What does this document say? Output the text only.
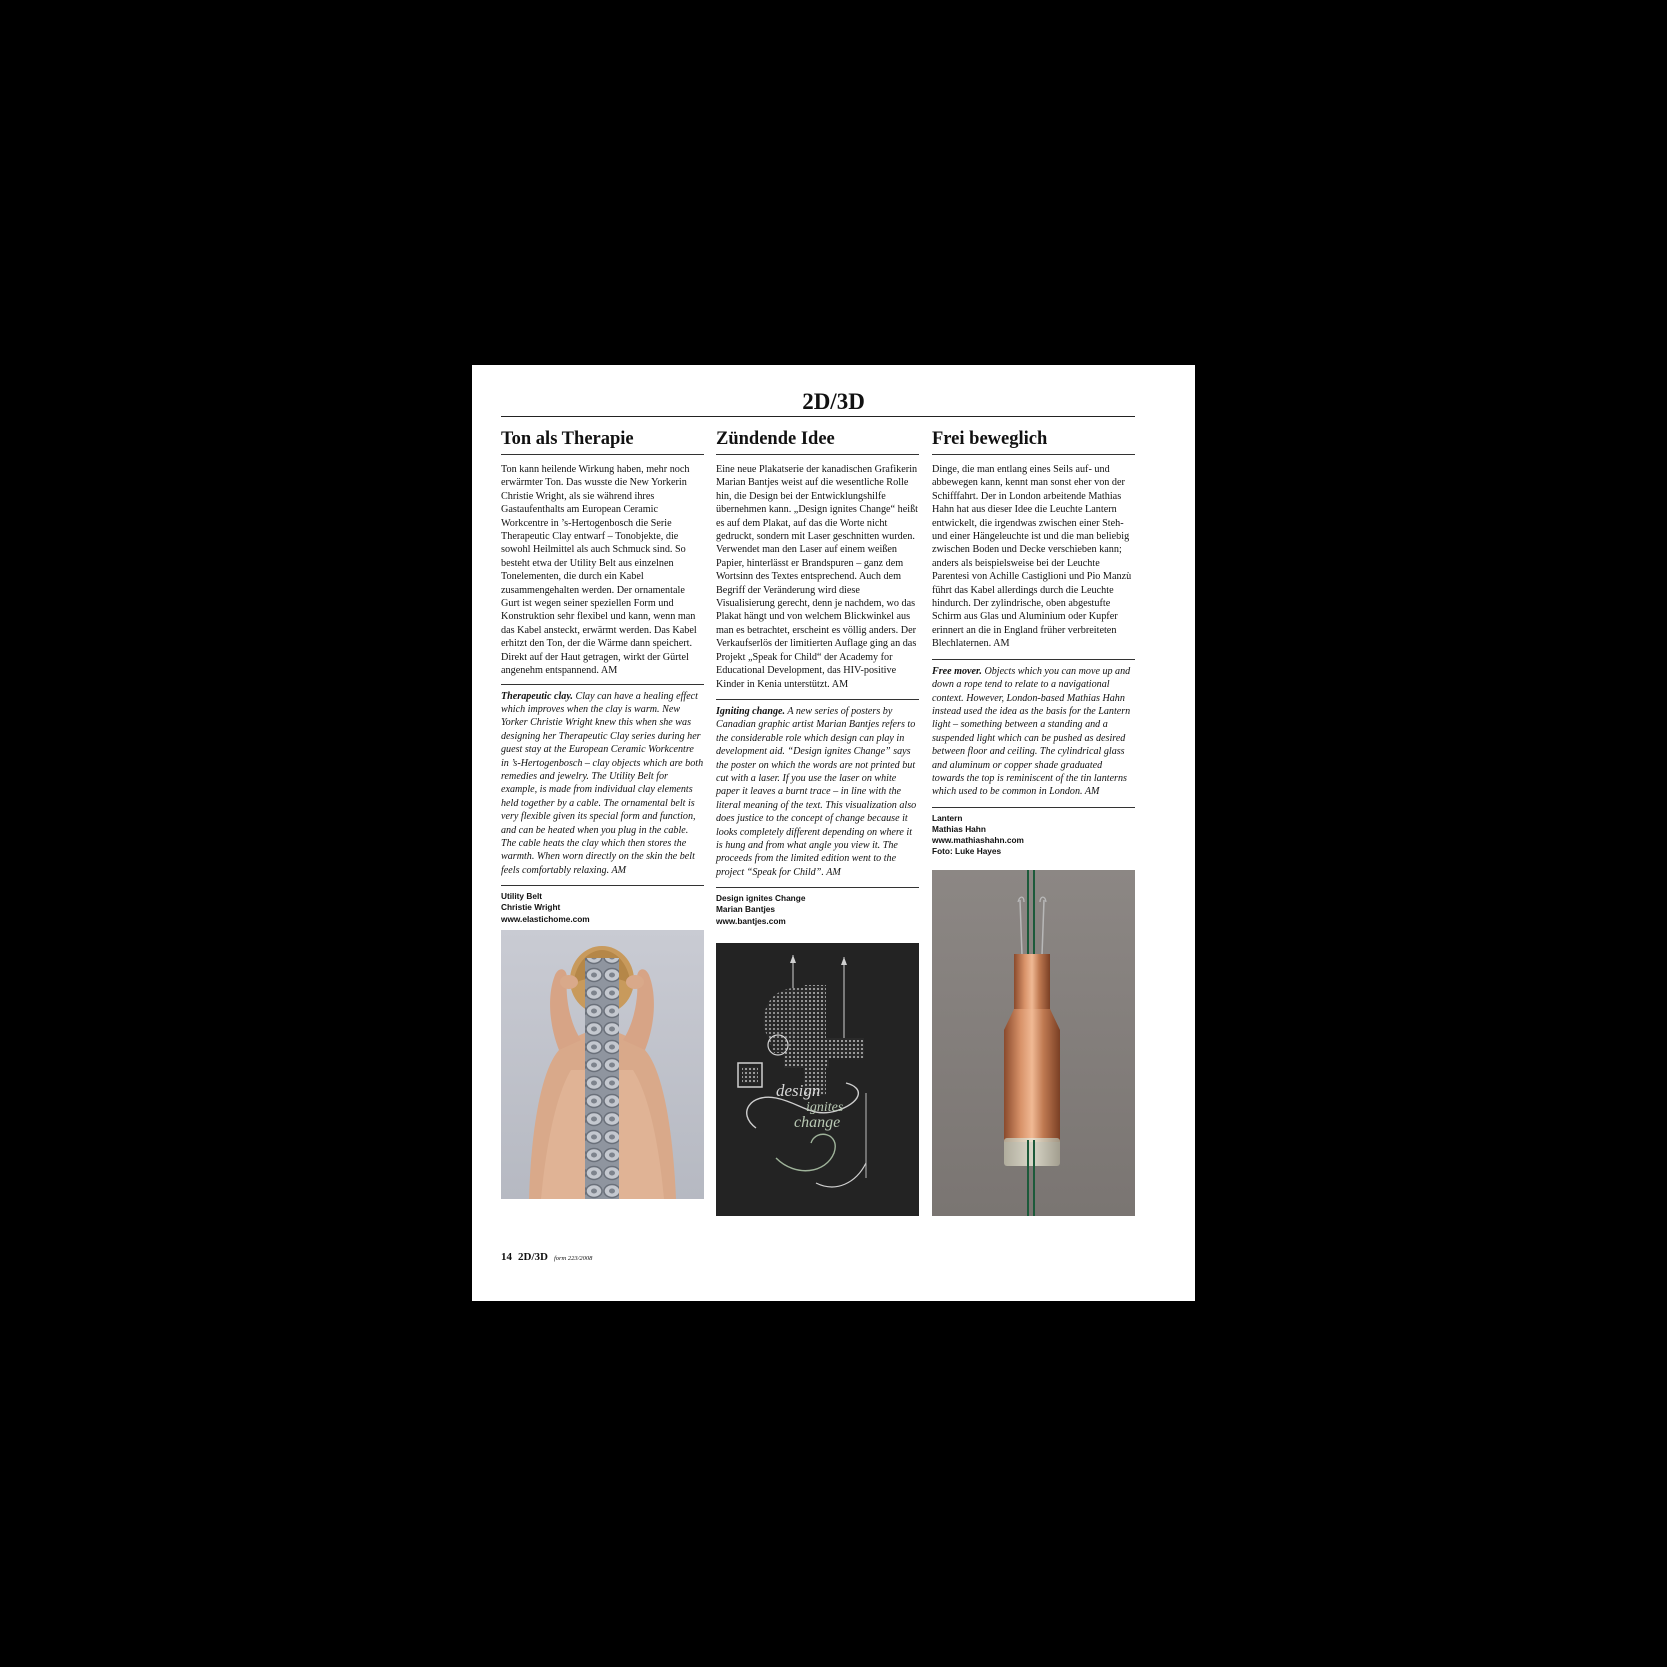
2D/3D
Ton als Therapie

Ton kann heilende Wirkung haben, mehr noch erwärmter Ton. Das wusste die New Yorkerin Christie Wright, als sie während ihres Gastaufenthalts am European Ceramic Workcentre in ’s-Hertogenbosch die Serie Therapeutic Clay entwarf – Tonobjekte, die sowohl Heilmittel als auch Schmuck sind. So besteht etwa der Utility Belt aus einzelnen Tonelementen, die durch ein Kabel zusammengehalten werden. Der ornamentale Gurt ist wegen seiner speziellen Form und Konstruktion sehr flexibel und kann, wenn man das Kabel ansteckt, erwärmt werden. Das Kabel erhitzt den Ton, der die Wärme dann speichert. Direkt auf der Haut getragen, wirkt der Gürtel angenehm entspannend. AM

Therapeutic clay. Clay can have a healing effect which improves when the clay is warm. New Yorker Christie Wright knew this when she was designing her Therapeutic Clay series during her guest stay at the European Ceramic Workcentre in ’s-Hertogenbosch – clay objects which are both remedies and jewelry. The Utility Belt for example, is made from individual clay elements held together by a cable. The ornamental belt is very flexible given its special form and function, and can be heated when you plug in the cable. The cable heats the clay which then stores the warmth. When worn directly on the skin the belt feels comfortably relaxing. AM

Utility Belt
Christie Wright
www.elastichome.com
Zündende Idee

Eine neue Plakatserie der kanadischen Grafikerin Marian Bantjes weist auf die wesentliche Rolle hin, die Design bei der Entwicklungshilfe übernehmen kann. „Design ignites Change“ heißt es auf dem Plakat, auf das die Worte nicht gedruckt, sondern mit Laser geschnitten wurden. Verwendet man den Laser auf einem weißen Papier, hinterlässt er Brandspuren – ganz dem Wortsinn des Textes entsprechend. Auch dem Begriff der Veränderung wird diese Visualisierung gerecht, denn je nachdem, wo das Plakat hängt und von welchem Blickwinkel aus man es betrachtet, erscheint es völlig anders. Der Verkaufserlös der limitierten Auflage ging an das Projekt „Speak for Child“ der Academy for Educational Development, das HIV-positive Kinder in Kenia unterstützt. AM

Igniting change. A new series of posters by Canadian graphic artist Marian Bantjes refers to the considerable role which design can play in development aid. “Design ignites Change” says the poster on which the words are not printed but cut with a laser. If you use the laser on white paper it leaves a burnt trace – in line with the literal meaning of the text. This visualization also does justice to the concept of change because it looks completely different depending on where it is hung and from what angle you view it. The proceeds from the limited edition went to the project “Speak for Child”. AM

Design ignites Change
Marian Bantjes
www.bantjes.com
Frei beweglich

Dinge, die man entlang eines Seils auf- und abbewegen kann, kennt man sonst eher von der Schifffahrt. Der in London arbeitende Mathias Hahn hat aus dieser Idee die Leuchte Lantern entwickelt, die irgendwas zwischen einer Steh- und einer Hängeleuchte ist und die man beliebig zwischen Boden und Decke verschieben kann; anders als beispielsweise bei der Leuchte Parentesi von Achille Castiglioni und Pio Manzù führt das Kabel allerdings durch die Leuchte hindurch. Der zylindrische, oben abgestufte Schirm aus Glas und Aluminium oder Kupfer erinnert an die in England früher verbreiteten Blechlaternen. AM

Free mover. Objects which you can move up and down a rope tend to relate to a navigational context. However, London-based Mathias Hahn instead used the idea as the basis for the Lantern light – something between a standing and a suspended light which can be pushed as desired between floor and ceiling. The cylindrical glass and aluminum or copper shade graduated towards the top is reminiscent of the tin lanterns which used to be common in London. AM

Lantern
Mathias Hahn
www.mathiashahn.com
Foto: Luke Hayes
design
ignites
change
14 2D/3D form 223/2008
